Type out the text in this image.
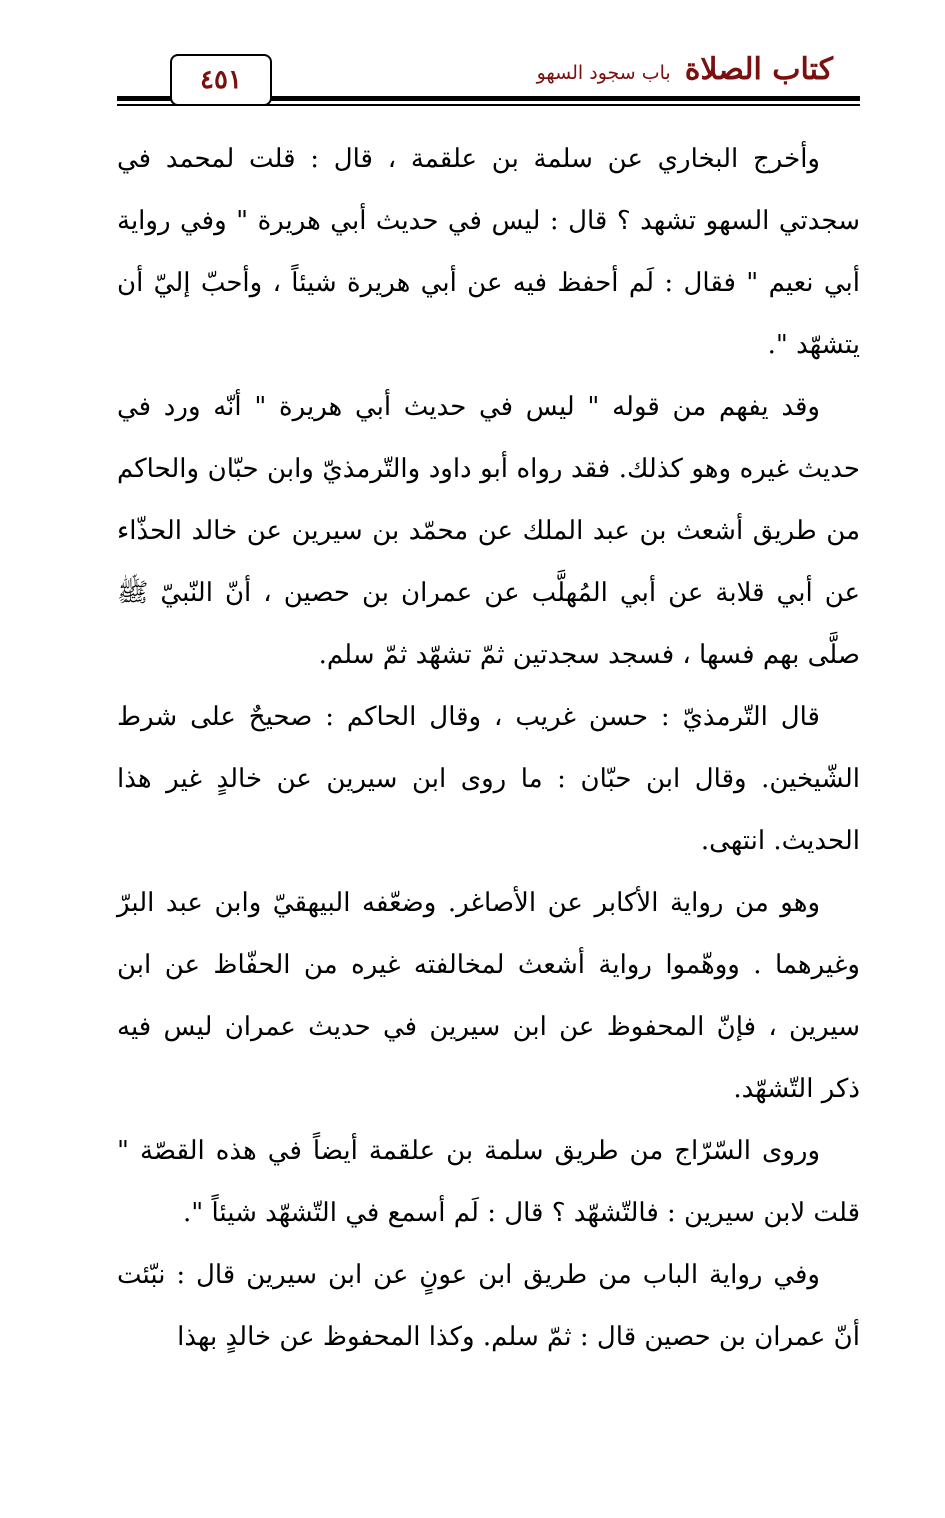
٤٥١	كتاب الصلاة
باب سجود السهو

وأخرج البخاري عن سلمة بن علقمة ، قال : قلت لمحمد في سجدتي السهو تشهد ؟ قال : ليس في حديث أبي هريرة " وفي رواية أبي نعيم " فقال : لَم أحفظ فيه عن أبي هريرة شيئاً ، وأحبّ إليّ أن يتشهّد ".

وقد يفهم من قوله " ليس في حديث أبي هريرة " أنّه ورد في حديث غيره وهو كذلك. فقد رواه أبو داود والتّرمذيّ وابن حبّان والحاكم من طريق أشعث بن عبد الملك عن محمّد بن سيرين عن خالد الحذّاء عن أبي قلابة عن أبي المُهلَّب عن عمران بن حصين ، أنّ النّبيّ ﷺ صلَّى بهم فسها ، فسجد سجدتين ثمّ تشهّد ثمّ سلم.

قال التّرمذيّ : حسن غريب ، وقال الحاكم : صحيحٌ على شرط الشّيخين. وقال ابن حبّان : ما روى ابن سيرين عن خالدٍ غير هذا الحديث. انتهى.

وهو من رواية الأكابر عن الأصاغر. وضعّفه البيهقيّ وابن عبد البرّ وغيرهما . ووهّموا رواية أشعث لمخالفته غيره من الحفّاظ عن ابن سيرين ، فإنّ المحفوظ عن ابن سيرين في حديث عمران ليس فيه ذكر التّشهّد.

وروى السّرّاج من طريق سلمة بن علقمة أيضاً في هذه القصّة " قلت لابن سيرين : فالتّشهّد ؟ قال : لَم أسمع في التّشهّد شيئاً ".

وفي رواية الباب من طريق ابن عونٍ عن ابن سيرين قال : نبّئت أنّ عمران بن حصين قال : ثمّ سلم. وكذا المحفوظ عن خالدٍ بهذا
